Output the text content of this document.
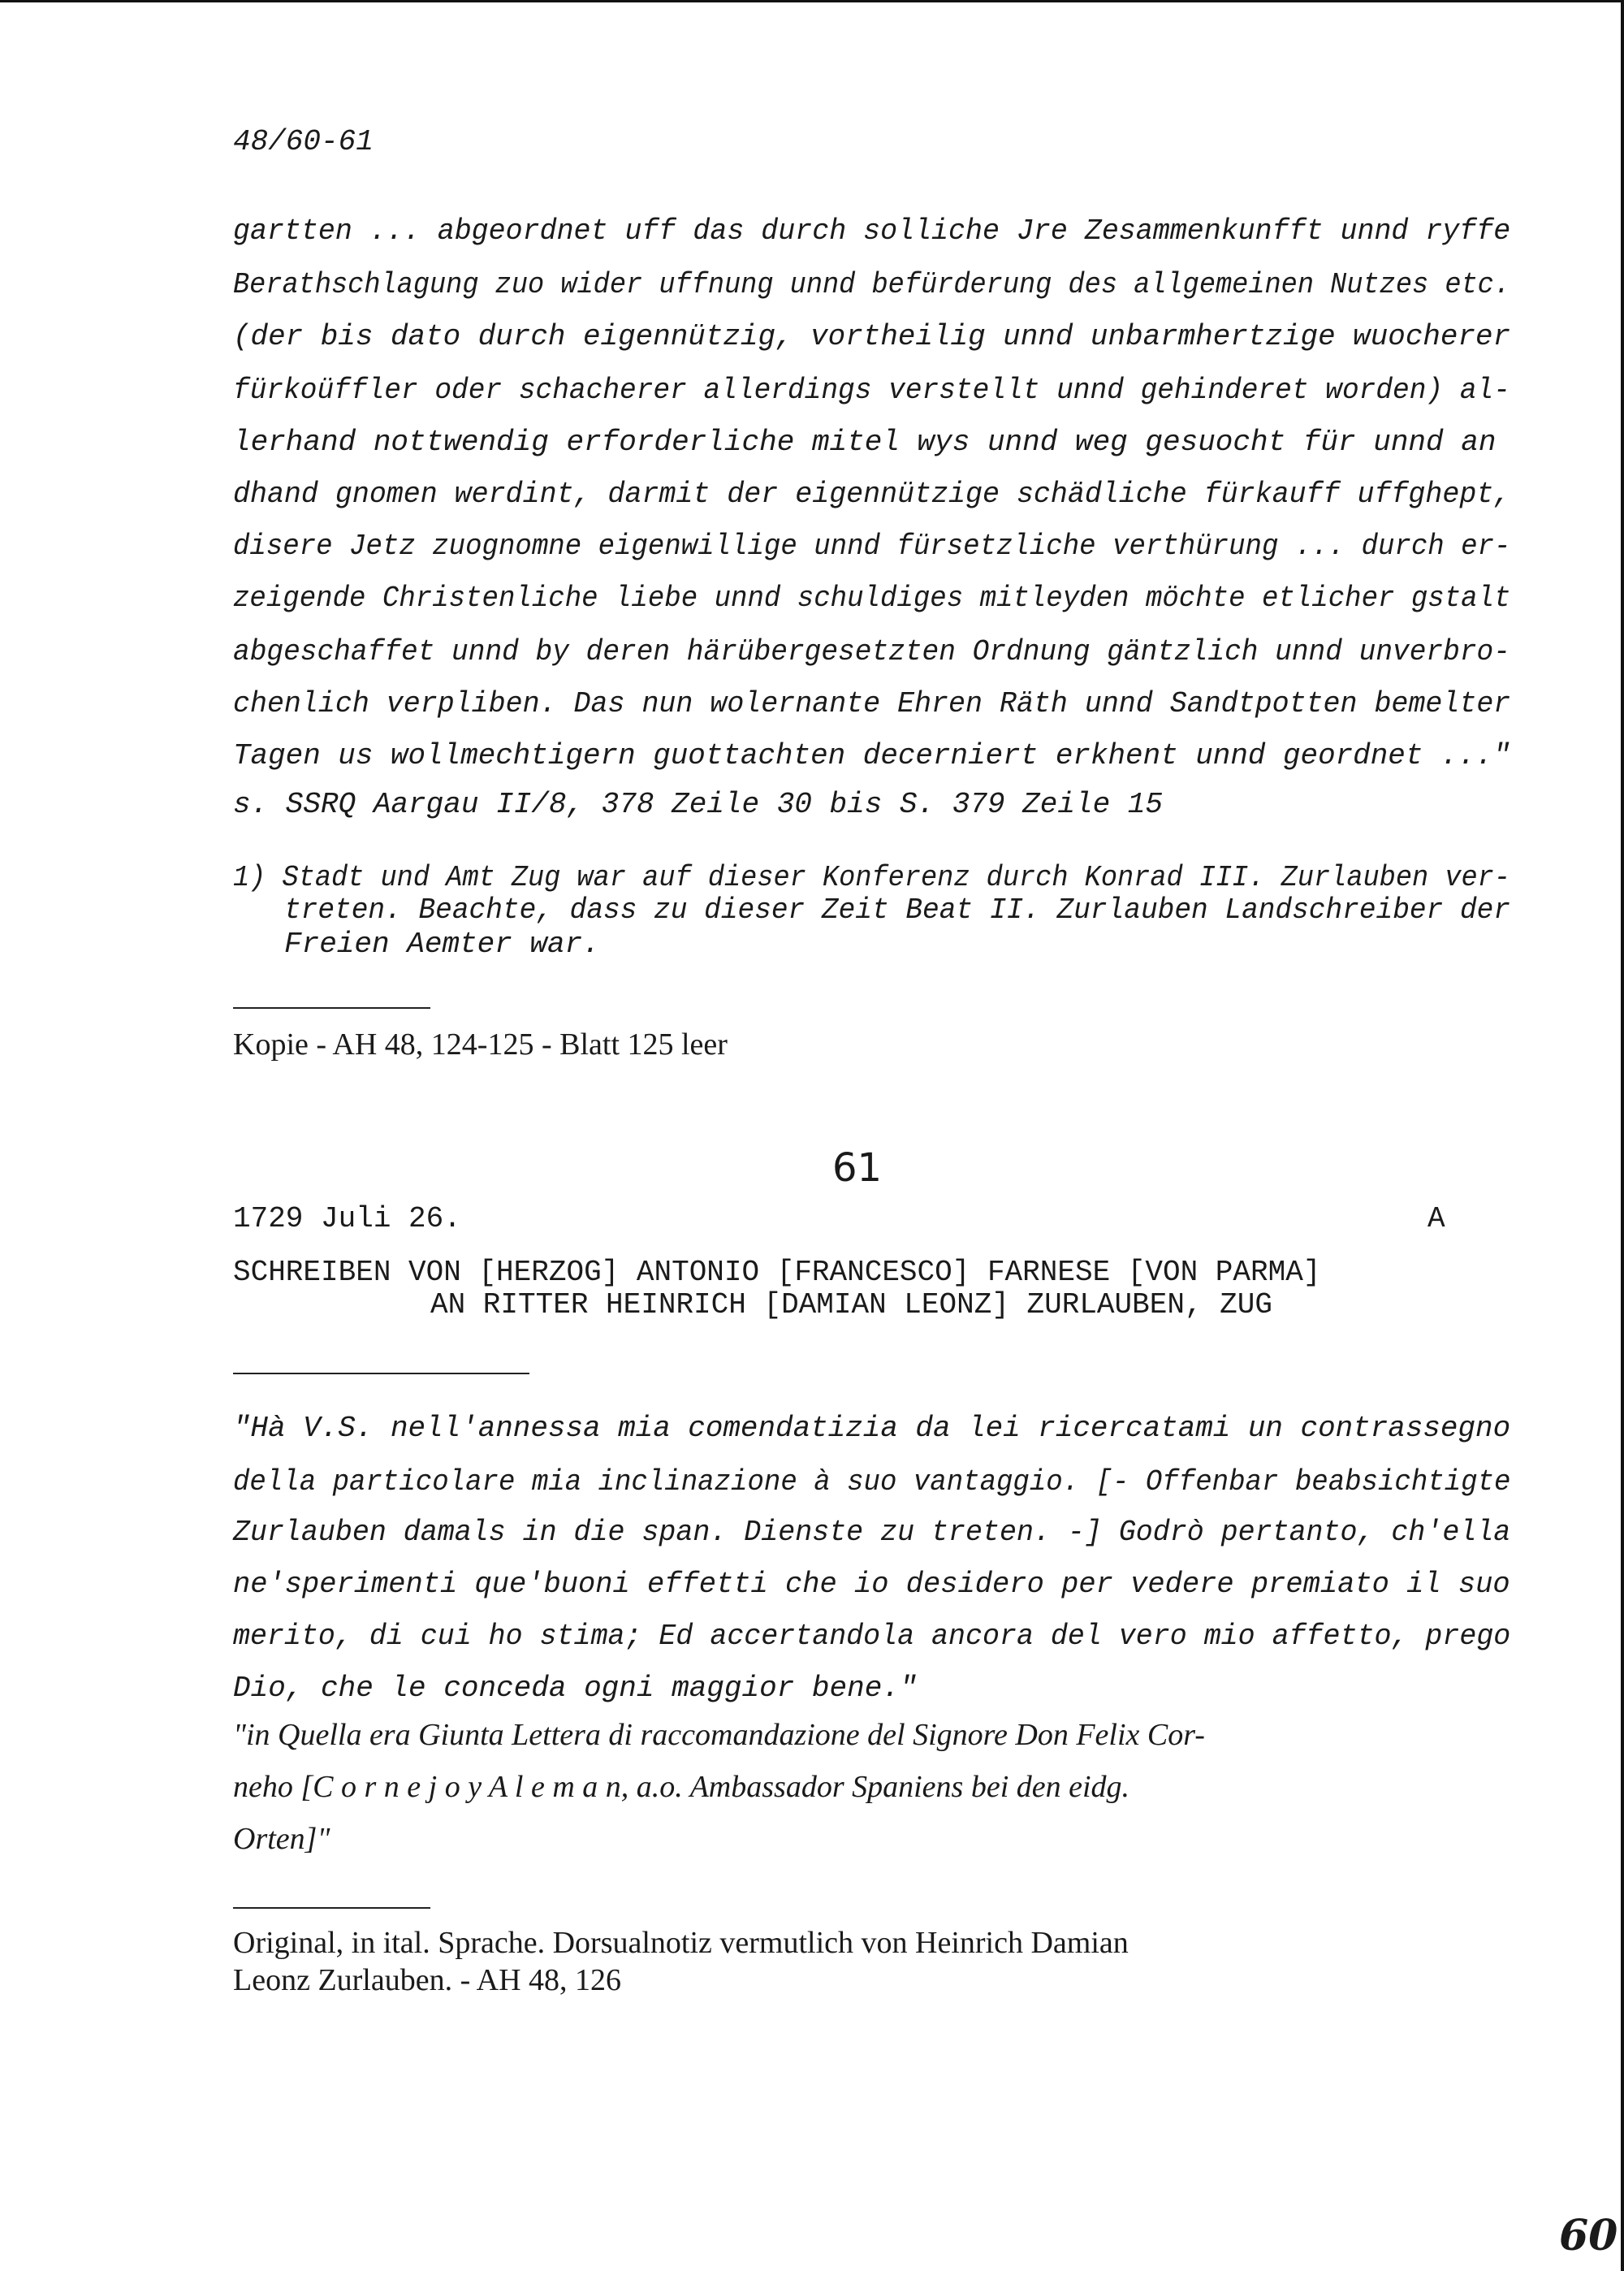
48/60-61
gartten ... abgeordnet uff das durch solliche Jre Zesammenkunfft unnd ryffe
Berathschlagung zuo wider uffnung unnd befürderung des allgemeinen Nutzes etc.
(der bis dato durch eigennützig, vortheilig unnd unbarmhertzige wuocherer
fürkoüffler oder schacherer allerdings verstellt unnd gehinderet worden) al-
lerhand nottwendig erforderliche mitel wys unnd weg gesuocht für unnd an
dhand gnomen werdint, darmit der eigennützige schädliche fürkauff uffghept,
disere Jetz zuognomne eigenwillige unnd fürsetzliche verthürung ... durch er-
zeigende Christenliche liebe unnd schuldiges mitleyden möchte etlicher gstalt
abgeschaffet unnd by deren härübergesetzten Ordnung gäntzlich unnd unverbro-
chenlich verpliben. Das nun wolernante Ehren Räth unnd Sandtpotten bemelter
Tagen us wollmechtigern guottachten decerniert erkhent unnd geordnet ..."
s. SSRQ Aargau II/8, 378 Zeile 30 bis S. 379 Zeile 15
1) Stadt und Amt Zug war auf dieser Konferenz durch Konrad III. Zurlauben ver-
treten. Beachte, dass zu dieser Zeit Beat II. Zurlauben Landschreiber der
Freien Aemter war.
Kopie - AH 48, 124-125 - Blatt 125 leer
61
1729 Juli 26.	A
SCHREIBEN VON [HERZOG] ANTONIO [FRANCESCO] FARNESE [VON PARMA]
AN RITTER HEINRICH [DAMIAN LEONZ] ZURLAUBEN, ZUG
"Hà V.S. nell'annessa mia comendatizia da lei ricercatami un contrassegno
della particolare mia inclinazione à suo vantaggio. [- Offenbar beabsichtigte
Zurlauben damals in die span. Dienste zu treten. -] Godrò pertanto, ch'ella
ne'sperimenti que'buoni effetti che io desidero per vedere premiato il suo
merito, di cui ho stima; Ed accertandola ancora del vero mio affetto, prego
Dio, che le conceda ogni maggior bene."
"in Quella era Giunta Lettera di raccomandazione del Signore Don Felix Cor-
neho [C o r n e j o y A l e m a n, a.o. Ambassador Spaniens bei den eidg.
Orten]"
Original, in ital. Sprache. Dorsualnotiz vermutlich von Heinrich Damian
Leonz Zurlauben. - AH 48, 126
60
